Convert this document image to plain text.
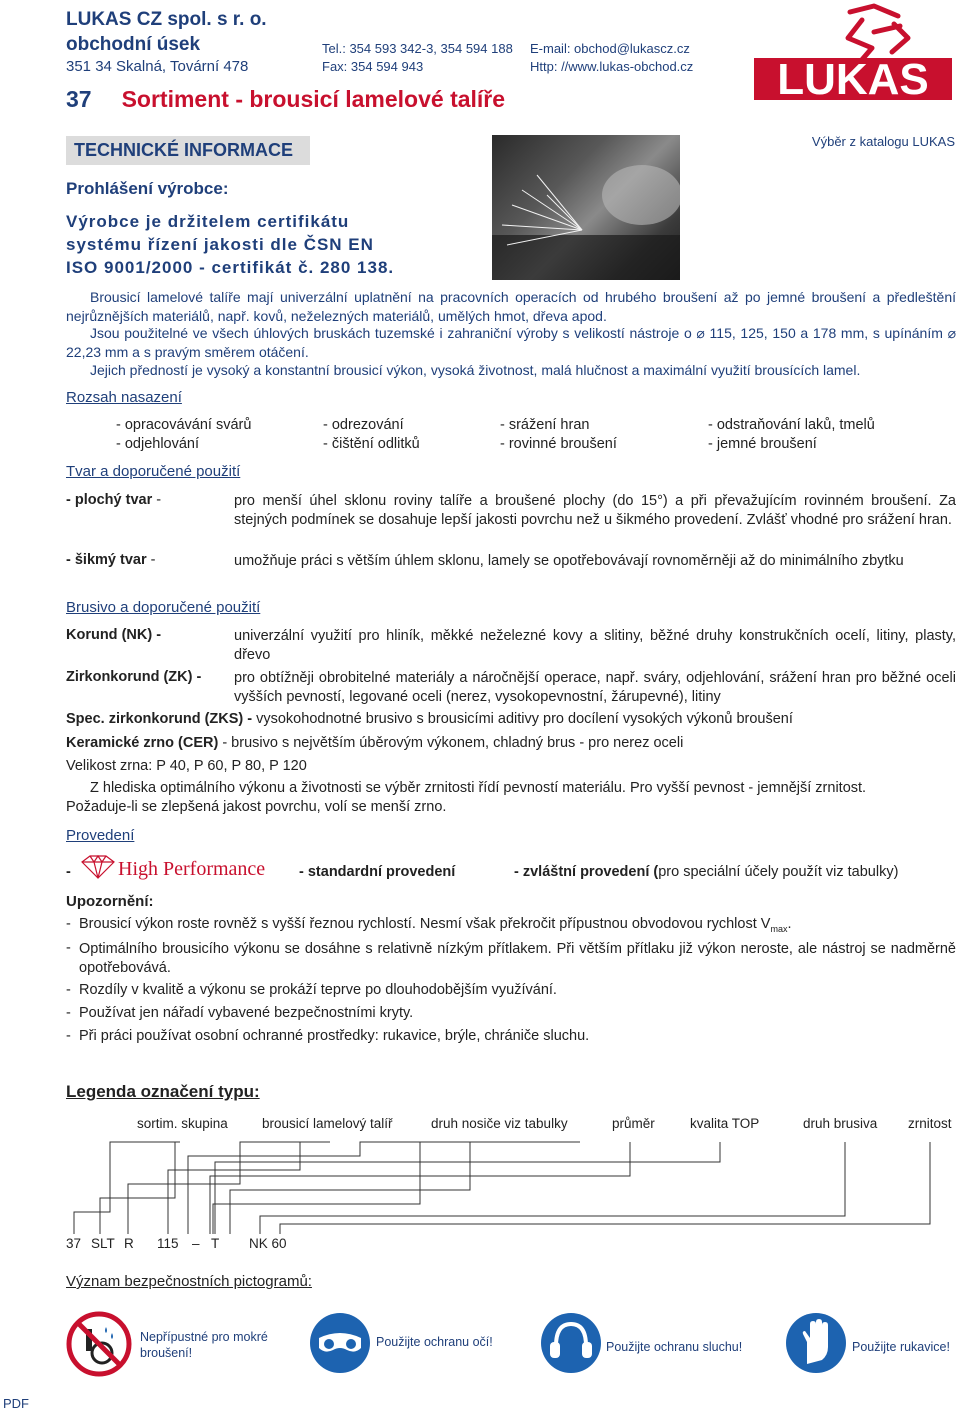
LUKAS CZ spol. s r. o.
obchodní úsek
351 34 Skalná, Tovární 478
Tel.: 354 593 342-3, 354 594 188
Fax: 354 594 943
E-mail: obchod@lukascz.cz
Http: //www.lukas-obchod.cz LUKAS
37 Sortiment - brousicí lamelové talíře
TECHNICKÉ INFORMACE	Výběr z katalogu LUKAS
Prohlášení výrobce:
Výrobce je držitelem certifikátu
systému řízení jakosti dle ČSN EN
ISO 9001/2000 - certifikát č. 280 138.
Brousicí lamelové talíře mají univerzální uplatnění na pracovních operacích od hrubého broušení až po jemné broušení a předleštění nejrůznějších materiálů, např. kovů, neželezných materiálů, umělých hmot, dřeva apod.
Jsou použitelné ve všech úhlových bruskách tuzemské i zahraniční výroby s velikostí nástroje o ⌀ 115, 125, 150 a 178 mm, s upínáním ⌀ 22,23 mm a s pravým směrem otáčení.
Jejich předností je vysoký a konstantní brousicí výkon, vysoká životnost, malá hlučnost a maximální využití brousících lamel.
Rozsah nasazení
- opracovávání svárů	- odrezování	- srážení hran	- odstraňování laků, tmelů
- odjehlování	- čištění odlitků	- rovinné broušení	- jemné broušení
Tvar a doporučené použití
- plochý tvar -	pro menší úhel sklonu roviny talíře a broušené plochy (do 15°) a při převažujícím rovinném broušení. Za stejných podmínek se dosahuje lepší jakosti povrchu než u šikmého provedení. Zvlášť vhodné pro srážení hran.
- šikmý tvar -	umožňuje práci s větším úhlem sklonu, lamely se opotřebovávají rovnoměrněji až do minimálního zbytku
Brusivo a doporučené použití
Korund (NK) -	univerzální využití pro hliník, měkké neželezné kovy a slitiny, běžné druhy konstrukčních ocelí, litiny, plasty, dřevo
Zirkonkorund (ZK) - pro obtížněji obrobitelné materiály a náročnější operace, např. sváry, odjehlování, srážení hran pro běžné oceli vyšších pevností, legované oceli (nerez, vysokopevnostní, žárupevné), litiny
Spec. zirkonkorund (ZKS) - vysokohodnotné brusivo s brousicími aditivy pro docílení vysokých výkonů broušení
Keramické zrno (CER) - brusivo s největším úběrovým výkonem, chladný brus - pro nerez oceli
Velikost zrna: P 40, P 60, P 80, P 120
Z hlediska optimálního výkonu a životnosti se výběr zrnitosti řídí pevností materiálu. Pro vyšší pevnost - jemnější zrnitost.
Požaduje-li se zlepšená jakost povrchu, volí se menší zrno.
Provedení
- High Performance - standardní provedení	- zvláštní provedení (pro speciální účely použít viz tabulky)
Upozornění:
- Brousicí výkon roste rovněž s vyšší řeznou rychlostí. Nesmí však překročit přípustnou obvodovou rychlost $V_{max}$.
- Optimálního brousicího výkonu se dosáhne s relativně nízkým přítlakem. Při větším přítlaku již výkon neroste, ale nástroj se nadměrně opotřebovává.
- Rozdíly v kvalitě a výkonu se prokáží teprve po dlouhodobějším využívání.
- Používat jen nářadí vybavené bezpečnostními kryty.
- Při práci používat osobní ochranné prostředky: rukavice, brýle, chrániče sluchu.
Legenda označení typu:
sortim. skupina	brousicí lamelový talíř	druh nosiče viz tabulky	průměr	kvalita TOP	druh brusiva zrnitost
37 SLT R 115 – T NK 60
Význam bezpečnostních pictogramů:
Nepřípustné pro mokré broušení!
Použijte ochranu očí!	Použijte ochranu sluchu!	Použijte rukavice!
PDF
